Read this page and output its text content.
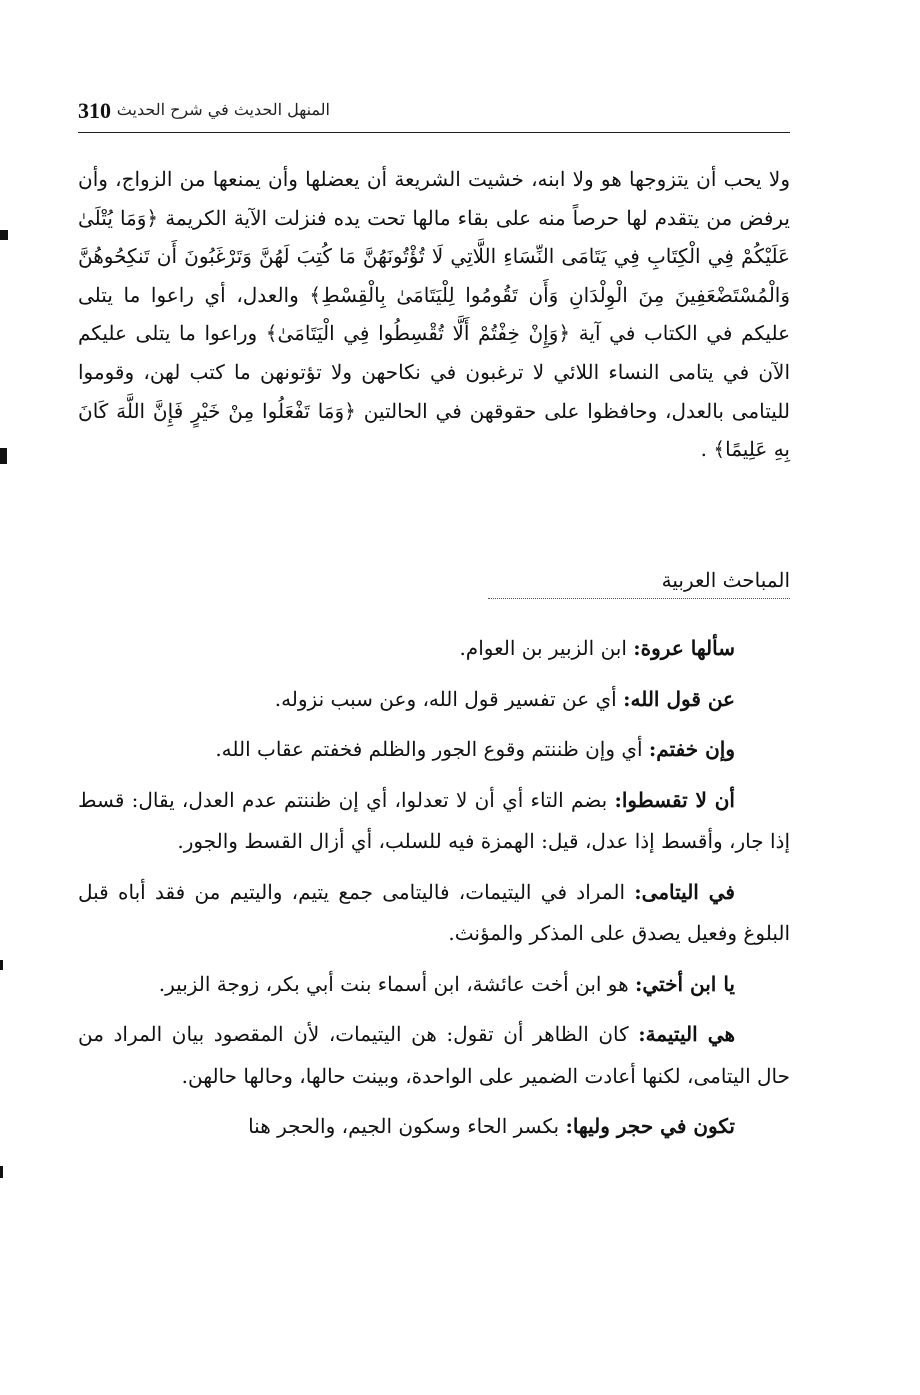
310 المنهل الحديث في شرح الحديث

ولا يحب أن يتزوجها هو ولا ابنه، خشيت الشريعة أن يعضلها وأن يمنعها من الزواج، وأن يرفض من يتقدم لها حرصاً منه على بقاء مالها تحت يده فنزلت الآية الكريمة ﴿وَمَا يُتْلَىٰ عَلَيْكُمْ فِي الْكِتَابِ فِي يَتَامَى النِّسَاءِ اللَّاتِي لَا تُؤْتُونَهُنَّ مَا كُتِبَ لَهُنَّ وَتَرْغَبُونَ أَن تَنكِحُوهُنَّ وَالْمُسْتَضْعَفِينَ مِنَ الْوِلْدَانِ وَأَن تَقُومُوا لِلْيَتَامَىٰ بِالْقِسْطِ﴾ والعدل، أي راعوا ما يتلى عليكم في الكتاب في آية ﴿وَإِنْ خِفْتُمْ أَلَّا تُقْسِطُوا فِي الْيَتَامَىٰ﴾ وراعوا ما يتلى عليكم الآن في يتامى النساء اللائي لا ترغبون في نكاحهن ولا تؤتونهن ما كتب لهن، وقوموا لليتامى بالعدل، وحافظوا على حقوقهن في الحالتين ﴿وَمَا تَفْعَلُوا مِنْ خَيْرٍ فَإِنَّ اللَّهَ كَانَ بِهِ عَلِيمًا﴾ .

المباحث العربية

سألها عروة: ابن الزبير بن العوام.

عن قول الله: أي عن تفسير قول الله، وعن سبب نزوله.

وإن خفتم: أي وإن ظننتم وقوع الجور والظلم فخفتم عقاب الله.

أن لا تقسطوا: بضم التاء أي أن لا تعدلوا، أي إن ظننتم عدم العدل، يقال: قسط إذا جار، وأقسط إذا عدل، قيل: الهمزة فيه للسلب، أي أزال القسط والجور.

في اليتامى: المراد في اليتيمات، فاليتامى جمع يتيم، واليتيم من فقد أباه قبل البلوغ وفعيل يصدق على المذكر والمؤنث.

يا ابن أختي: هو ابن أخت عائشة، ابن أسماء بنت أبي بكر، زوجة الزبير.

هي اليتيمة: كان الظاهر أن تقول: هن اليتيمات، لأن المقصود بيان المراد من حال اليتامى، لكنها أعادت الضمير على الواحدة، وبينت حالها، وحالها حالهن.

تكون في حجر وليها: بكسر الحاء وسكون الجيم، والحجر هنا
